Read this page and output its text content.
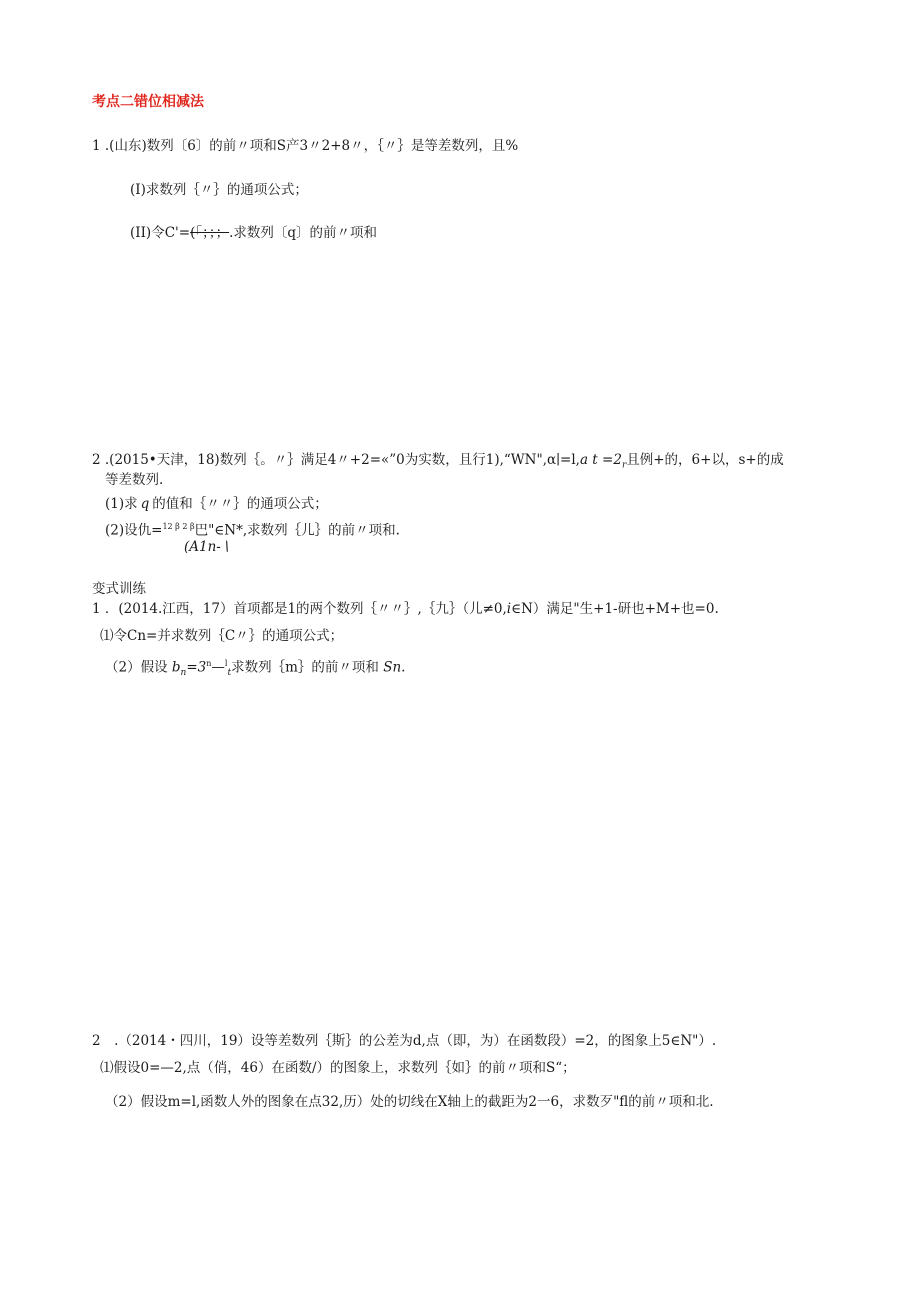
考点二错位相减法
1 .(山东)数列〔6〕的前〃项和S产3〃2+8〃，｛〃｝是等差数列，且%
(I)求数列｛〃｝的通项公式；
(II)令C'=(「；；；.求数列〔q〕的前〃项和
2 .(2015•天津，18)数列｛。〃｝满足4〃+2=«”0为实数，且行1),“WN",α∣=l,a $t =2_r$且例+的，6+以，s+的成
等差数列.
(1)求 q 的值和｛〃〃｝的通项公式；
(2)设仇=$^{12 \beta 2 \beta}$巴"∈N*,求数列｛儿｝的前〃项和.
(A1n-∖
变式训练
1 ．(2014.江西，17）首项都是1的两个数列｛〃〃｝,｛九｝（儿≠0,i∈N）满足"生+1-研也+M+也=0.
⑴令Cn=并求数列｛C〃｝的通项公式；
（2）假设 $b_n=3^n—^l_t$求数列｛m｝的前〃项和 Sn.
2　.（2014・四川，19）设等差数列｛斯｝的公差为d,点（即，为）在函数段）=2，的图象上5∈N"）.
⑴假设0=—2,点（俏，46）在函数/）的图象上，求数列｛如｝的前〃项和S“；
（2）假设m=l,函数人外的图象在点32,历）处的切线在X轴上的截距为2一6，求数歹"fl的前〃项和北.
